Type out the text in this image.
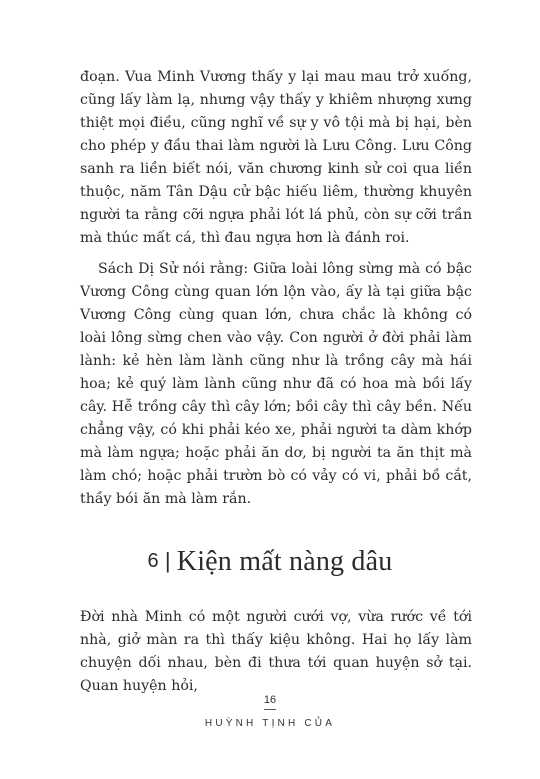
đoạn. Vua Minh Vương thấy y lại mau mau trở xuống, cũng lấy làm lạ, nhưng vậy thấy y khiêm nhượng xưng thiệt mọi điều, cũng nghĩ về sự y vô tội mà bị hại, bèn cho phép y đầu thai làm người là Lưu Công. Lưu Công sanh ra liền biết nói, văn chương kinh sử coi qua liền thuộc, năm Tân Dậu cử bậc hiếu liêm, thường khuyên người ta rằng cỡi ngựa phải lót lá phủ, còn sự cỡi trần mà thúc mất cá, thì đau ngựa hơn là đánh roi.

Sách Dị Sử nói rằng: Giữa loài lông sừng mà có bậc Vương Công cùng quan lớn lộn vào, ấy là tại giữa bậc Vương Công cùng quan lớn, chưa chắc là không có loài lông sừng chen vào vậy. Con người ở đời phải làm lành: kẻ hèn làm lành cũng như là trồng cây mà hái hoa; kẻ quý làm lành cũng như đã có hoa mà bồi lấy cây. Hễ trồng cây thì cây lớn; bồi cây thì cây bền. Nếu chẳng vậy, có khi phải kéo xe, phải người ta dàm khớp mà làm ngựa; hoặc phải ăn dơ, bị người ta ăn thịt mà làm chó; hoặc phải trườn bò có vảy có vi, phải bồ cắt, thầy bói ăn mà làm rắn.

6 | Kiện mất nàng dâu

Đời nhà Minh có một người cưới vợ, vừa rước về tới nhà, giở màn ra thì thấy kiệu không. Hai họ lấy làm chuyện dối nhau, bèn đi thưa tới quan huyện sở tại. Quan huyện hỏi,

16
HUỲNH TỊNH CỦA
